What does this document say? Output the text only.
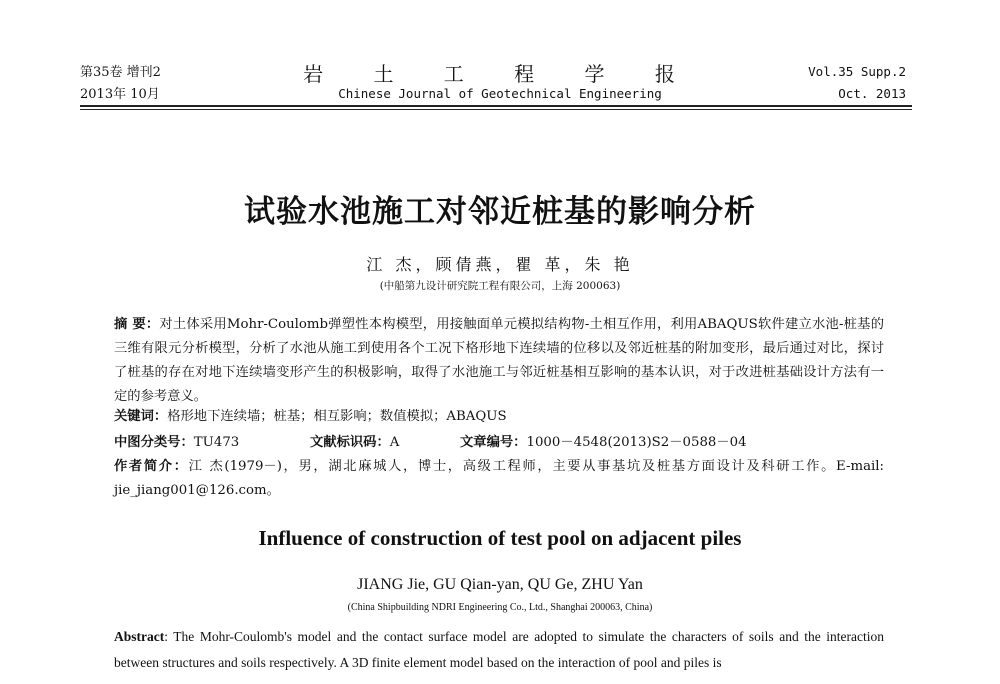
第35卷 增刊2
2013年 10月
岩 土 工 程 学 报
Chinese Journal of Geotechnical Engineering
Vol.35 Supp.2
Oct. 2013
试验水池施工对邻近桩基的影响分析
江 杰，顾倩燕，瞿 革，朱 艳
(中船第九设计研究院工程有限公司，上海 200063)
摘 要：对土体采用Mohr-Coulomb弹塑性本构模型，用接触面单元模拟结构物-土相互作用，利用ABAQUS软件建立水池-桩基的三维有限元分析模型，分析了水池从施工到使用各个工况下格形地下连续墙的位移以及邻近桩基的附加变形，最后通过对比，探讨了桩基的存在对地下连续墙变形产生的积极影响，取得了水池施工与邻近桩基相互影响的基本认识，对于改进桩基础设计方法有一定的参考意义。
关键词：格形地下连续墙；桩基；相互影响；数值模拟；ABAQUS
中图分类号：TU473	文献标识码：A	文章编号：1000－4548(2013)S2－0588－04
作者简介：江 杰(1979－)，男，湖北麻城人，博士，高级工程师，主要从事基坑及桩基方面设计及科研工作。E-mail: jie_jiang001@126.com。
Influence of construction of test pool on adjacent piles
JIANG Jie, GU Qian-yan, QU Ge, ZHU Yan
(China Shipbuilding NDRI Engineering Co., Ltd., Shanghai 200063, China)
Abstract: The Mohr-Coulomb's model and the contact surface model are adopted to simulate the characters of soils and the interaction between structures and soils respectively. A 3D finite element model based on the interaction of pool and piles is
